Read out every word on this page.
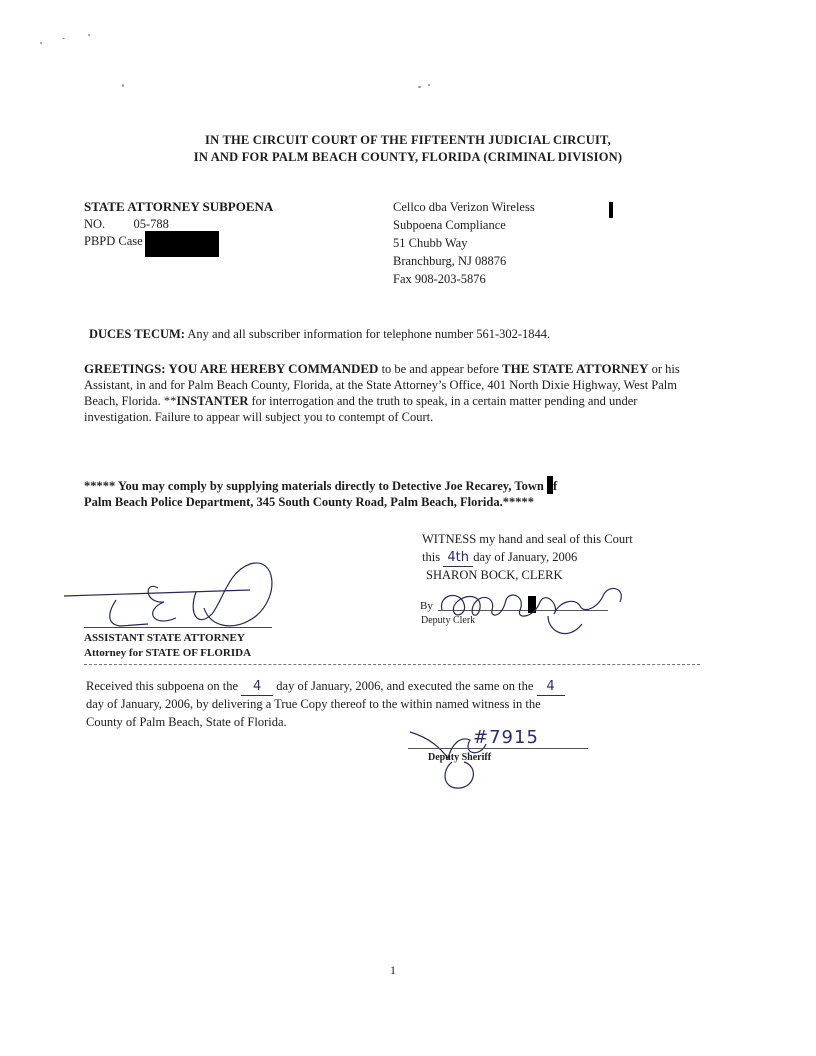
IN THE CIRCUIT COURT OF THE FIFTEENTH JUDICIAL CIRCUIT,
IN AND FOR PALM BEACH COUNTY, FLORIDA (CRIMINAL DIVISION)
STATE ATTORNEY SUBPOENA
NO. 05-788
PBPD Case
Cellco dba Verizon Wireless
Subpoena Compliance
51 Chubb Way
Branchburg, NJ 08876
Fax 908-203-5876
DUCES TECUM: Any and all subscriber information for telephone number 561-302-1844.
GREETINGS: YOU ARE HEREBY COMMANDED to be and appear before THE STATE ATTORNEY or his Assistant, in and for Palm Beach County, Florida, at the State Attorney’s Office, 401 North Dixie Highway, West Palm Beach, Florida. **INSTANTER for interrogation and the truth to speak, in a certain matter pending and under investigation. Failure to appear will subject you to contempt of Court.
***** You may comply by supplying materials directly to Detective Joe Recarey, Town f
Palm Beach Police Department, 345 South County Road, Palm Beach, Florida.*****
WITNESS my hand and seal of this Court
this 4th day of January, 2006
SHARON BOCK, CLERK
By
Deputy Clerk
ASSISTANT STATE ATTORNEY
Attorney for STATE OF FLORIDA
Received this subpoena on the 4 day of January, 2006, and executed the same on the 4
day of January, 2006, by delivering a True Copy thereof to the within named witness in the
County of Palm Beach, State of Florida.
#7915
Deputy Sheriff
1
